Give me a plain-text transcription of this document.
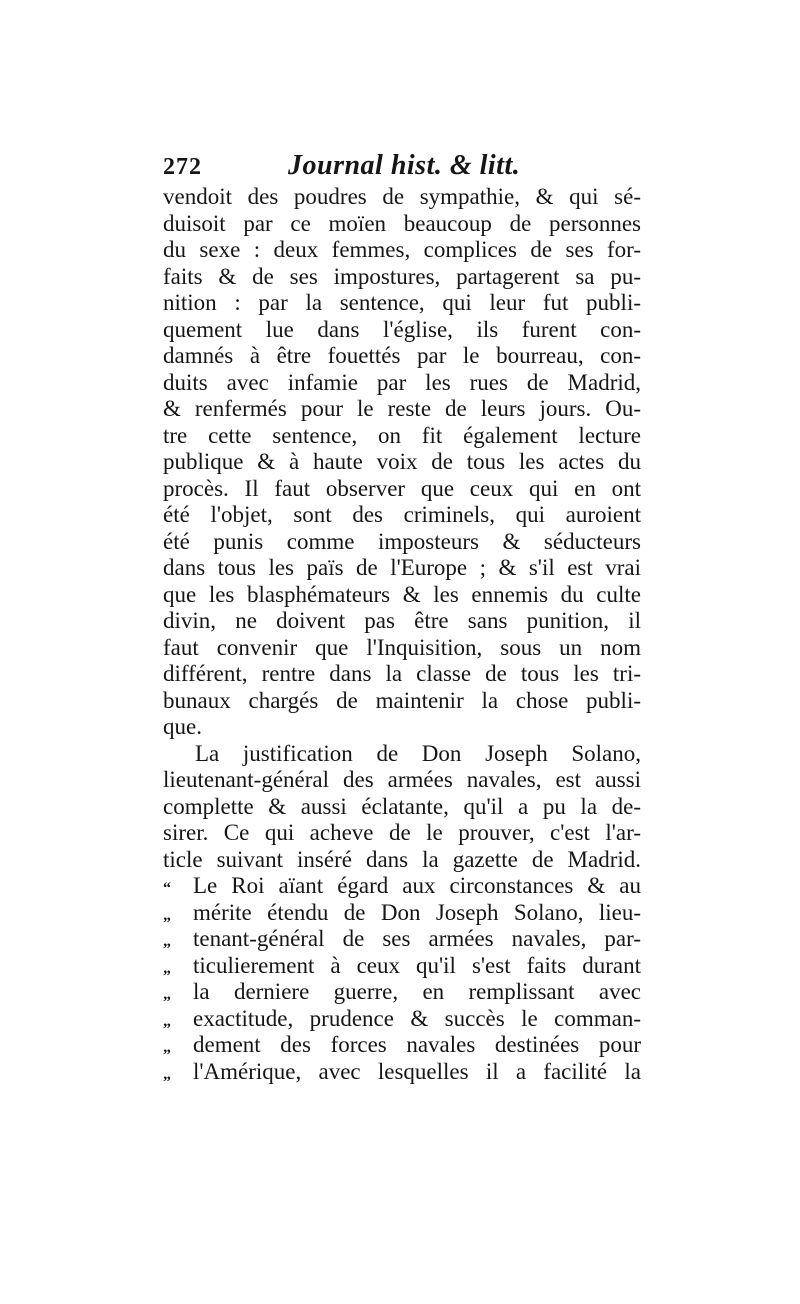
272	Journal hist. & litt.
vendoit des poudres de sympathie, & qui sé-
duisoit par ce moïen beaucoup de personnes
du sexe : deux femmes, complices de ses for-
faits & de ses impostures, partagerent sa pu-
nition : par la sentence, qui leur fut publi-
quement lue dans l'église, ils furent con-
damnés à être fouettés par le bourreau, con-
duits avec infamie par les rues de Madrid,
& renfermés pour le reste de leurs jours. Ou-
tre cette sentence, on fit également lecture
publique & à haute voix de tous les actes du
procès. Il faut observer que ceux qui en ont
été l'objet, sont des criminels, qui auroient
été punis comme imposteurs & séducteurs
dans tous les païs de l'Europe ; & s'il est vrai
que les blasphémateurs & les ennemis du culte
divin, ne doivent pas être sans punition, il
faut convenir que l'Inquisition, sous un nom
différent, rentre dans la classe de tous les tri-
bunaux chargés de maintenir la chose publi-
que.
La justification de Don Joseph Solano,
lieutenant-général des armées navales, est aussi
complette & aussi éclatante, qu'il a pu la de-
sirer. Ce qui acheve de le prouver, c'est l'ar-
ticle suivant inséré dans la gazette de Madrid.
“ Le Roi aïant égard aux circonstances & au
„ mérite étendu de Don Joseph Solano, lieu-
„ tenant-général de ses armées navales, par-
„ ticulierement à ceux qu'il s'est faits durant
„ la derniere guerre, en remplissant avec
„ exactitude, prudence & succès le comman-
„ dement des forces navales destinées pour
„ l'Amérique, avec lesquelles il a facilité la
